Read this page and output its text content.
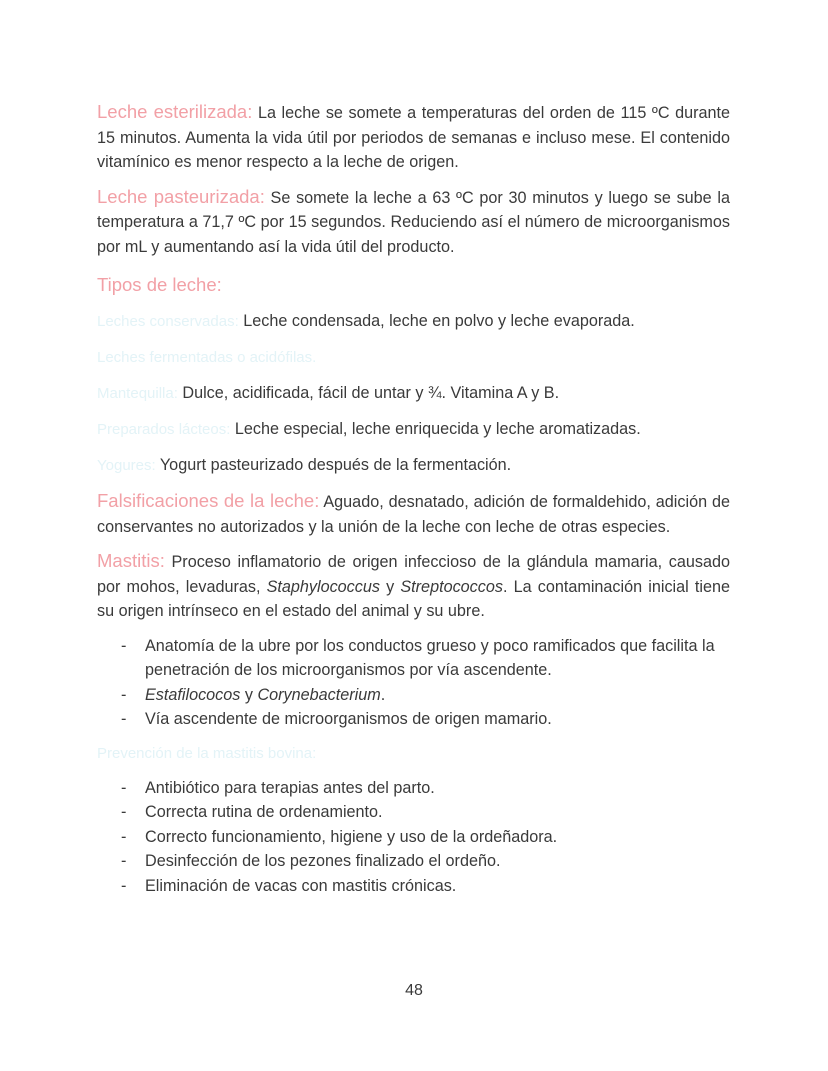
Leche esterilizada: La leche se somete a temperaturas del orden de 115 ºC durante 15 minutos. Aumenta la vida útil por periodos de semanas e incluso mese. El contenido vitamínico es menor respecto a la leche de origen.

Leche pasteurizada: Se somete la leche a 63 ºC por 30 minutos y luego se sube la temperatura a 71,7 ºC por 15 segundos. Reduciendo así el número de microorganismos por mL y aumentando así la vida útil del producto.

Tipos de leche:

Leches conservadas: Leche condensada, leche en polvo y leche evaporada.

Leches fermentadas o acidófilas.

Mantequilla: Dulce, acidificada, fácil de untar y ¾. Vitamina A y B.

Preparados lácteos: Leche especial, leche enriquecida y leche aromatizadas.

Yogures: Yogurt pasteurizado después de la fermentación.

Falsificaciones de la leche: Aguado, desnatado, adición de formaldehido, adición de conservantes no autorizados y la unión de la leche con leche de otras especies.

Mastitis: Proceso inflamatorio de origen infeccioso de la glándula mamaria, causado por mohos, levaduras, Staphylococcus y Streptococcos. La contaminación inicial tiene su origen intrínseco en el estado del animal y su ubre.

- Anatomía de la ubre por los conductos grueso y poco ramificados que facilita la penetración de los microorganismos por vía ascendente.
- Estafilococos y Corynebacterium.
- Vía ascendente de microorganismos de origen mamario.

Prevención de la mastitis bovina:

- Antibiótico para terapias antes del parto.
- Correcta rutina de ordenamiento.
- Correcto funcionamiento, higiene y uso de la ordeñadora.
- Desinfección de los pezones finalizado el ordeño.
- Eliminación de vacas con mastitis crónicas.
48
